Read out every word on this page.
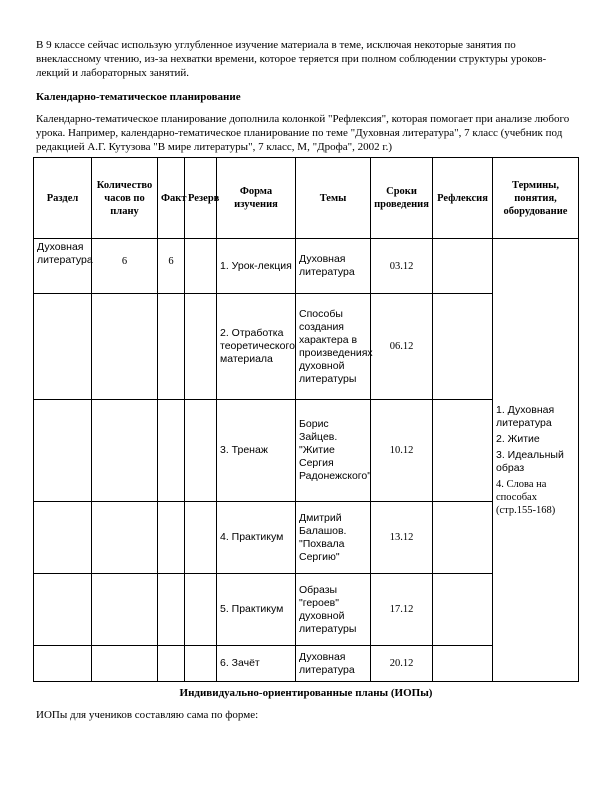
В 9 классе сейчас использую углубленное изучение материала в теме, исключая некоторые занятия по внеклассному чтению, из-за нехватки времени, которое теряется при полном соблюдении структуры уроков-лекций и лабораторных занятий.

Календарно-тематическое планирование

Календарно-тематическое планирование дополнила колонкой "Рефлексия", которая помогает при анализе любого урока. Например, календарно-тематическое планирование по теме "Духовная литература", 7 класс (учебник под редакцией А.Г. Кутузова "В мире литературы", 7 класс, М, "Дрофа", 2002 г.)

Раздел	Количество часов по плану	Факт	Резерв	Форма изучения	Темы	Сроки проведения	Рефлексия	Термины, понятия, оборудование
Духовная литература	6	6		1. Урок-лекция	Духовная литература	03.12		1. Духовная литература
2. Житие
3. Идеальный образ
4. Слова на способах (стр.155-168)

				2. Отработка теоретического материала	Способы создания характера в произведениях духовной литературы	06.12		
				3. Тренаж	Борис Зайцев. "Житие Сергия Радонежского"	10.12		
				4. Практикум	Дмитрий Балашов. "Похвала Сергию"	13.12		
				5. Практикум	Образы "героев" духовной литературы	17.12		
				6. Зачёт	Духовная литература	20.12		

Индивидуально-ориентированные планы (ИОПы)

ИОПы для учеников составляю сама по форме:
